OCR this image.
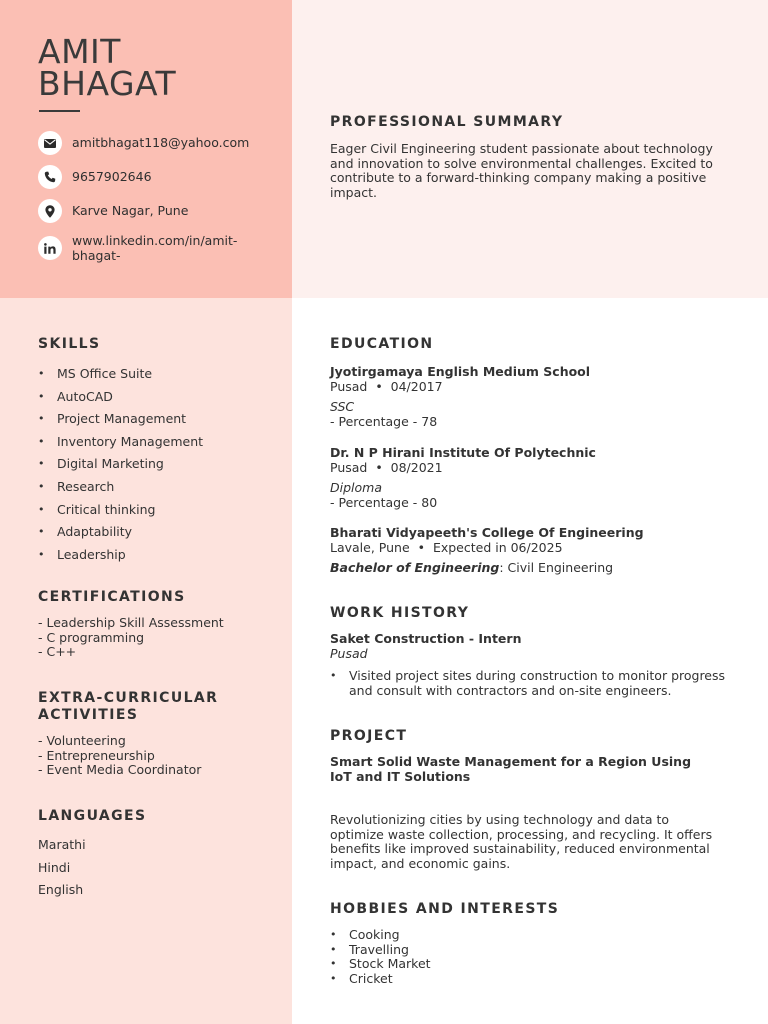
AMIT
BHAGAT
amitbhagat118@yahoo.com
9657902646
Karve Nagar, Pune
www.linkedin.com/in/amit-
bhagat-
PROFESSIONAL SUMMARY
Eager Civil Engineering student passionate about technology and innovation to solve environmental challenges. Excited to contribute to a forward-thinking company making a positive impact.
SKILLS
• MS Office Suite
• AutoCAD
• Project Management
• Inventory Management
• Digital Marketing
• Research
• Critical thinking
• Adaptability
• Leadership
CERTIFICATIONS
- Leadership Skill Assessment
- C programming
- C++
EXTRA-CURRICULAR
ACTIVITIES
- Volunteering
- Entrepreneurship
- Event Media Coordinator
LANGUAGES
Marathi
Hindi
English
EDUCATION
Jyotirgamaya English Medium School
Pusad • 04/2017
SSC
- Percentage - 78
Dr. N P Hirani Institute Of Polytechnic
Pusad • 08/2021
Diploma
- Percentage - 80
Bharati Vidyapeeth's College Of Engineering
Lavale, Pune • Expected in 06/2025
Bachelor of Engineering: Civil Engineering
WORK HISTORY
Saket Construction - Intern
Pusad
• Visited project sites during construction to monitor progress and consult with contractors and on-site engineers.
PROJECT
Smart Solid Waste Management for a Region Using IoT and IT Solutions
Revolutionizing cities by using technology and data to optimize waste collection, processing, and recycling. It offers benefits like improved sustainability, reduced environmental impact, and economic gains.
HOBBIES AND INTERESTS
• Cooking
• Travelling
• Stock Market
• Cricket
